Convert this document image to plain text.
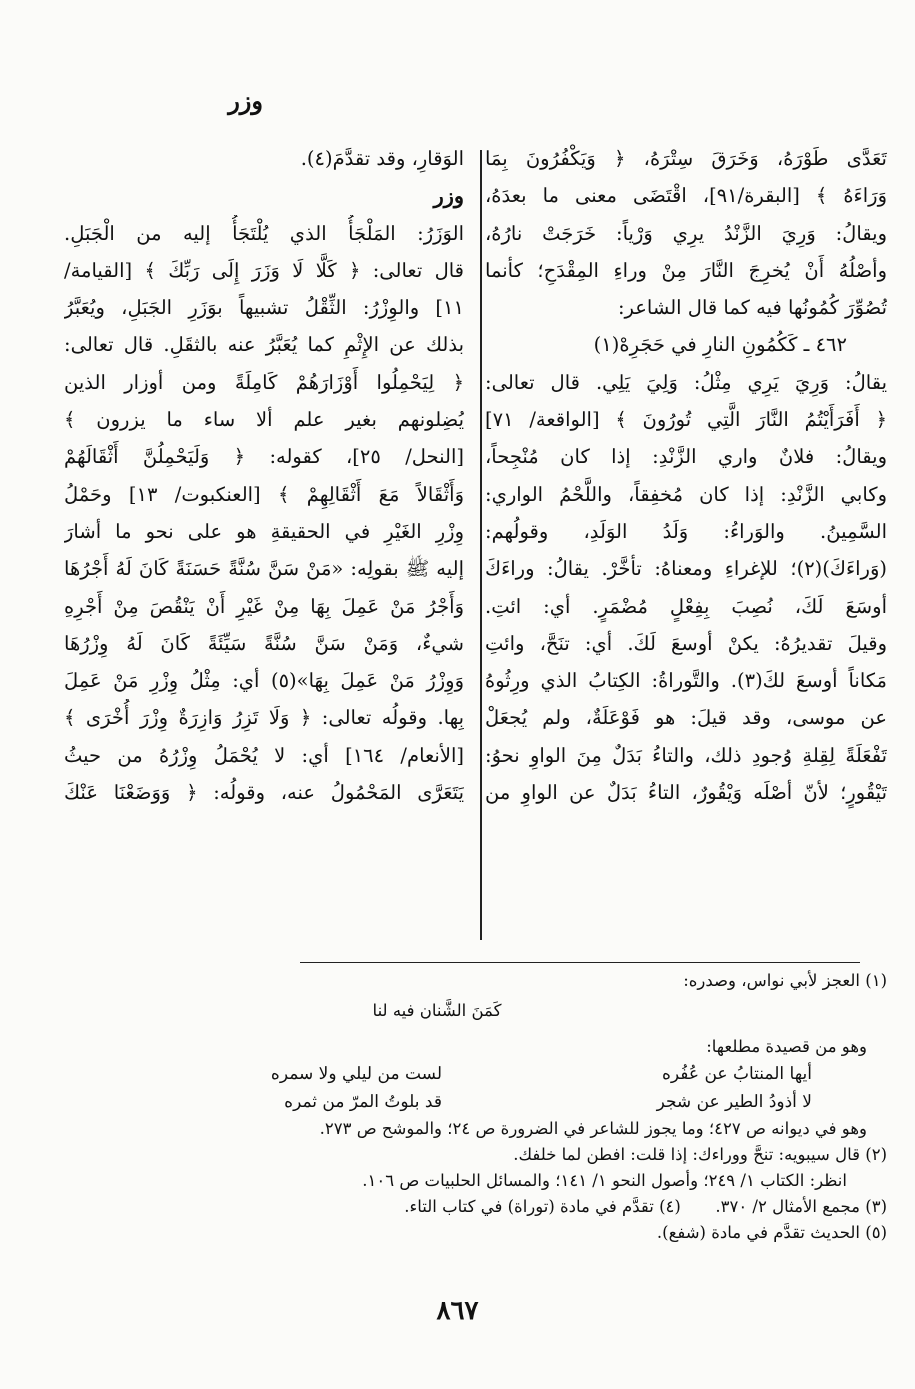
وزر
تَعَدَّى طَوْرَهُ، وَخَرَقَ سِتْرَهُ، ﴿ وَيَكْفُرُونَ بِمَا
وَرَاءَهُ ﴾ [البقرة/٩١]، اقْتَضَى معنى ما بعدَهُ،
ويقالُ: وَرِيَ الزَّنْدُ يرِي وَرْياً: خَرَجَتْ نارُهُ،
وأصْلُهُ أَنْ يُخرِجَ النَّارَ مِنْ وراءِ المِقْدَحِ؛ كأنما
تُصُوِّرَ كُمُونُها فيه كما قال الشاعر:
٤٦٢ ـ كَكُمُونِ النارِ في حَجَرِهْ(١)
يقالُ: وَرِيَ يَرِي مِثْلُ: وَلِيَ يَلِي. قال تعالى:
﴿ أَفَرَأَيْتُمُ النَّارَ الَّتِي تُورُونَ ﴾ [الواقعة/ ٧١]
ويقالُ: فلانٌ واري الزَّنْدِ: إذا كان مُنْجِحاً،
وكابي الزَّنْدِ: إذا كان مُخفِقاً، واللَّحْمُ الواري:
السَّمِينُ. والوَراءُ: وَلَدُ الوَلَدِ، وقولُهم:
(وَراءَكَ)(٢)؛ للإغراءِ ومعناهُ: تأخَّرْ. يقالُ: وراءَكَ
أوسَعَ لَكَ، نُصِبَ بِفِعْلٍ مُضْمَرٍ. أي: ائتِ.
وقيلَ تقديرُهُ: يكنْ أوسعَ لَكَ. أي: تنَحَّ، وائتِ
مَكاناً أوسعَ لكَ(٣). والتَّوراةُ: الكِتابُ الذي ورِثُوهُ
عن موسى، وقد قيلَ: هو فَوْعَلَةٌ، ولم يُجعَلْ
تَفْعَلَةً لِقِلةِ وُجودِ ذلك، والتاءُ بَدَلٌ مِنَ الواوِ نحوُ:
تَيْقُورٍ؛ لأنّ أصْلَه وَيْقُورٌ، التاءُ بَدَلٌ عن الواوِ من
الوَقارِ، وقد تقدَّمَ(٤).
وزر
الوَزَرُ: المَلْجَأُ الذي يُلْتَجَأُ إليه من الْجَبَلِ.
قال تعالى: ﴿ كَلَّا لَا وَزَرَ إِلَى رَبِّكَ ﴾ [القيامة/
١١] والوِزْرُ: الثِّقْلُ تشبيهاً بوَزَرِ الجَبَلِ، ويُعَبَّرُ
بذلك عن الإِثْمِ كما يُعَبَّرُ عنه بالثقَلِ. قال تعالى:
﴿ لِيَحْمِلُوا أَوْزَارَهُمْ كَامِلَةً ومن أوزار الذين
يُضِلونهم بغير علم ألا ساء ما يزرون ﴾
[النحل/ ٢٥]، كقوله: ﴿ وَلَيَحْمِلُنَّ أَثْقَالَهُمْ
وَأَثْقَالاً مَعَ أَثْقَالِهِمْ ﴾ [العنكبوت/ ١٣] وحَمْلُ
وِزْرِ الغَيْرِ في الحقيقةِ هو على نحو ما أشارَ
إليه ﷺ بقولِه: «مَنْ سَنَّ سُنَّةً حَسَنَةً كَانَ لَهُ أَجْرُهَا
وَأَجْرُ مَنْ عَمِلَ بِهَا مِنْ غَيْرِ أَنْ يَنْقُصَ مِنْ أَجْرِهِ
شيءٌ، وَمَنْ سَنَّ سُنَّةً سَيِّئَةً كَانَ لَهُ وِزْرُهَا
وَوِزْرُ مَنْ عَمِلَ بِهَا»(٥) أي: مِثْلُ وِزْرِ مَنْ عَمِلَ
بِها. وقولُه تعالى: ﴿ وَلَا تَزِرُ وَازِرَةٌ وِزْرَ أُخْرَى ﴾
[الأنعام/ ١٦٤] أي: لا يُحْمَلُ وِزْرُهُ من حيثُ
يَتَعَرَّى المَحْمُولُ عنه، وقولُه: ﴿ وَوَضَعْنَا عَنْكَ
(١) العجز لأبي نواس، وصدره:
كَمَنَ الشَّنان فيه لنا
وهو من قصيدة مطلعها:
أيها المنتابُ عن عُفُره
لست من ليلي ولا سمره
لا أذودُ الطير عن شجر
قد بلوتُ المرّ من ثمره
وهو في ديوانه ص ٤٢٧؛ وما يجوز للشاعر في الضرورة ص ٢٤؛ والموشح ص ٢٧٣.
(٢) قال سيبويه: تنحَّ ووراءك: إذا قلت: افطن لما خلفك.
انظر: الكتاب ١/ ٢٤٩؛ وأصول النحو ١/ ١٤١؛ والمسائل الحلبيات ص ١٠٦.
(٣) مجمع الأمثال ٢/ ٣٧٠.  (٤) تقدَّم في مادة (توراة) في كتاب التاء.
(٥) الحديث تقدَّم في مادة (شفع).
٨٦٧
